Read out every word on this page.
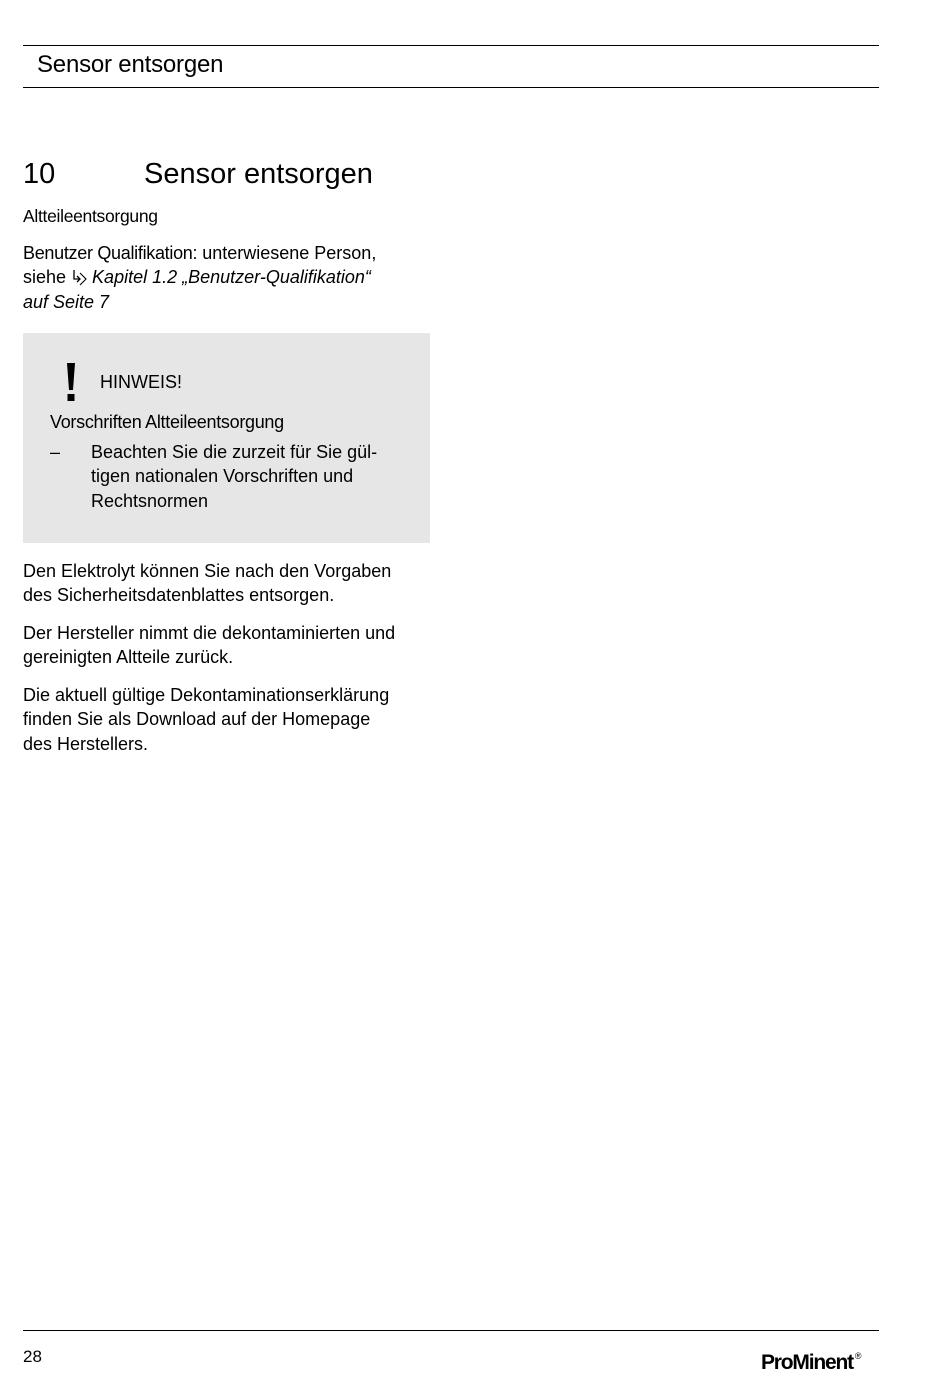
Sensor entsorgen
10	Sensor entsorgen
Altteileentsorgung
Benutzer Qualifikation: unterwiesene Person,
siehe Kapitel 1.2 „Benutzer-Qualifikation“
auf Seite 7
HINWEIS!
Vorschriften Altteileentsorgung
– Beachten Sie die zurzeit für Sie gül-
tigen nationalen Vorschriften und
Rechtsnormen
Den Elektrolyt können Sie nach den Vorgaben
des Sicherheitsdatenblattes entsorgen.
Der Hersteller nimmt die dekontaminierten und
gereinigten Altteile zurück.
Die aktuell gültige Dekontaminationserklärung
finden Sie als Download auf der Homepage
des Herstellers.
28	ProMinent ®
